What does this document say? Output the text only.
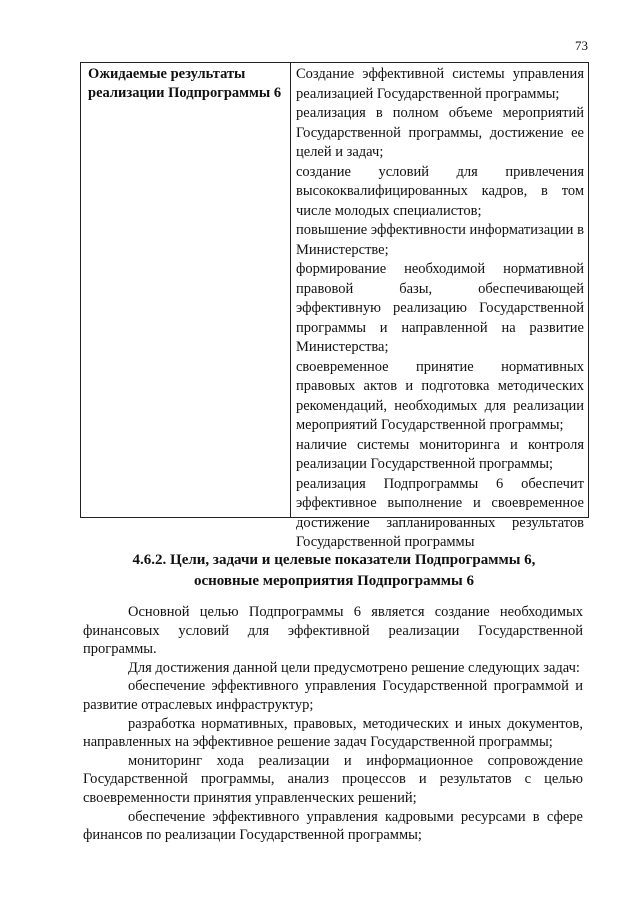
73
Ожидаемые результаты реализации Подпрограммы 6

Создание эффективной системы управления реализацией Государственной программы;

реализация в полном объеме мероприятий Государственной программы, достижение ее целей и задач;

создание условий для привлечения высококвалифицированных кадров, в том числе молодых специалистов;

повышение эффективности информатизации в Министерстве;

формирование необходимой нормативной правовой базы, обеспечивающей эффективную реализацию Государственной программы и направленной на развитие Министерства;

своевременное принятие нормативных правовых актов и подготовка методических рекомендаций, необходимых для реализации мероприятий Государственной программы;

наличие системы мониторинга и контроля реализации Государственной программы;

реализация Подпрограммы 6 обеспечит эффективное выполнение и своевременное достижение запланированных результатов Государственной программы

4.6.2. Цели, задачи и целевые показатели Подпрограммы 6,
основные мероприятия Подпрограммы 6

Основной целью Подпрограммы 6 является создание необходимых финансовых условий для эффективной реализации Государственной программы.

Для достижения данной цели предусмотрено решение следующих задач:

обеспечение эффективного управления Государственной программой и развитие отраслевых инфраструктур;

разработка нормативных, правовых, методических и иных документов, направленных на эффективное решение задач Государственной программы;

мониторинг хода реализации и информационное сопровождение Государственной программы, анализ процессов и результатов с целью своевременности принятия управленческих решений;

обеспечение эффективного управления кадровыми ресурсами в сфере финансов по реализации Государственной программы;
